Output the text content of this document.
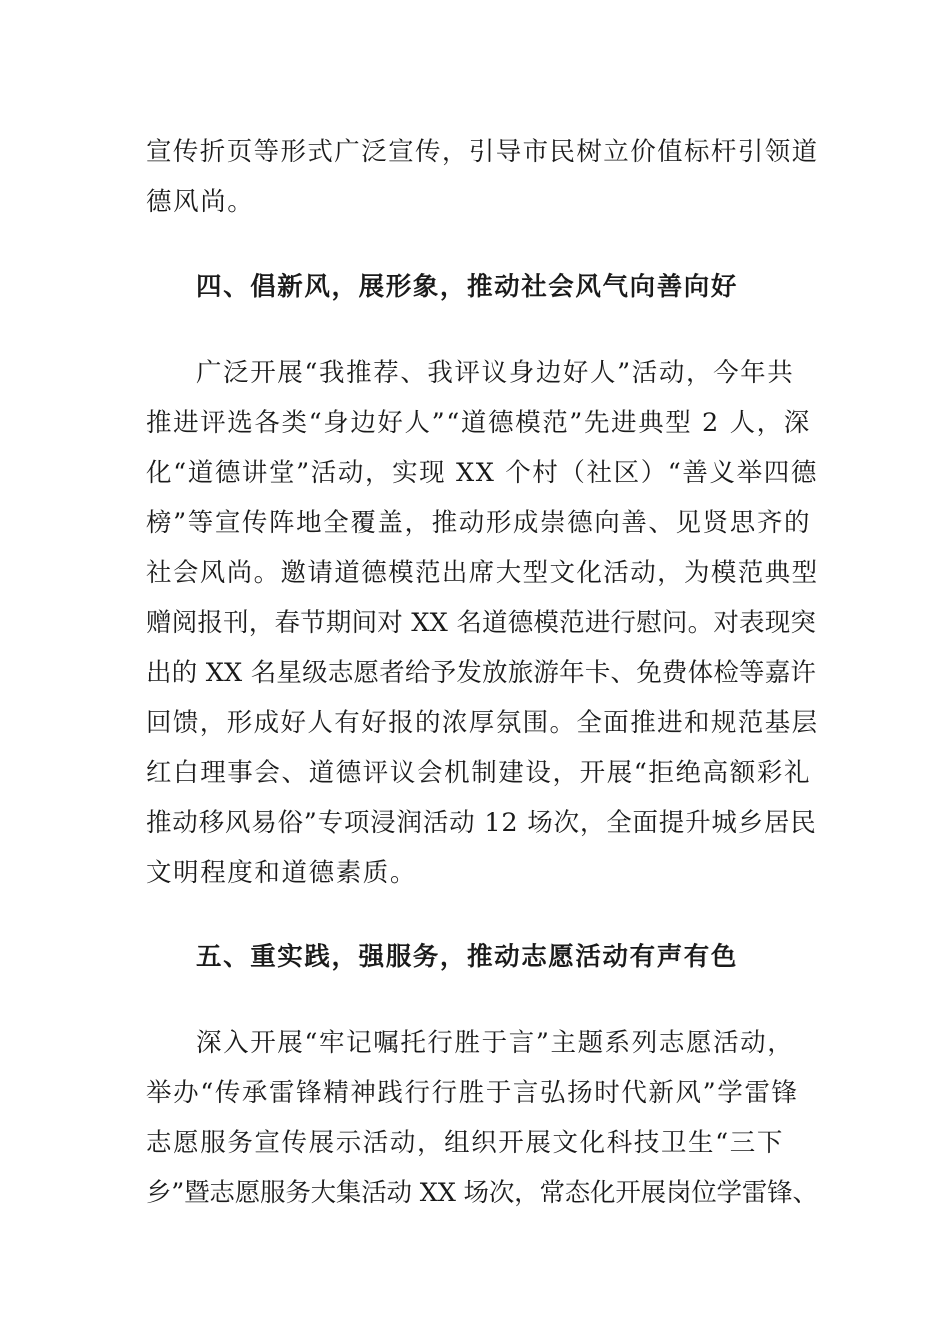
宣传折页等形式广泛宣传，引导市民树立价值标杆引领道
德风尚。
四、倡新风，展形象，推动社会风气向善向好
广泛开展“我推荐、我评议身边好人”活动，今年共
推进评选各类“身边好人”“道德模范”先进典型 2 人，深
化“道德讲堂”活动，实现 XX 个村（社区）“善义举四德
榜”等宣传阵地全覆盖，推动形成崇德向善、见贤思齐的
社会风尚。邀请道德模范出席大型文化活动，为模范典型
赠阅报刊，春节期间对 XX 名道德模范进行慰问。对表现突
出的 XX 名星级志愿者给予发放旅游年卡、免费体检等嘉许
回馈，形成好人有好报的浓厚氛围。全面推进和规范基层
红白理事会、道德评议会机制建设，开展“拒绝高额彩礼
推动移风易俗”专项浸润活动 12 场次，全面提升城乡居民
文明程度和道德素质。
五、重实践，强服务，推动志愿活动有声有色
深入开展“牢记嘱托行胜于言”主题系列志愿活动，
举办“传承雷锋精神践行行胜于言弘扬时代新风”学雷锋
志愿服务宣传展示活动，组织开展文化科技卫生“三下
乡”暨志愿服务大集活动 XX 场次，常态化开展岗位学雷锋、
